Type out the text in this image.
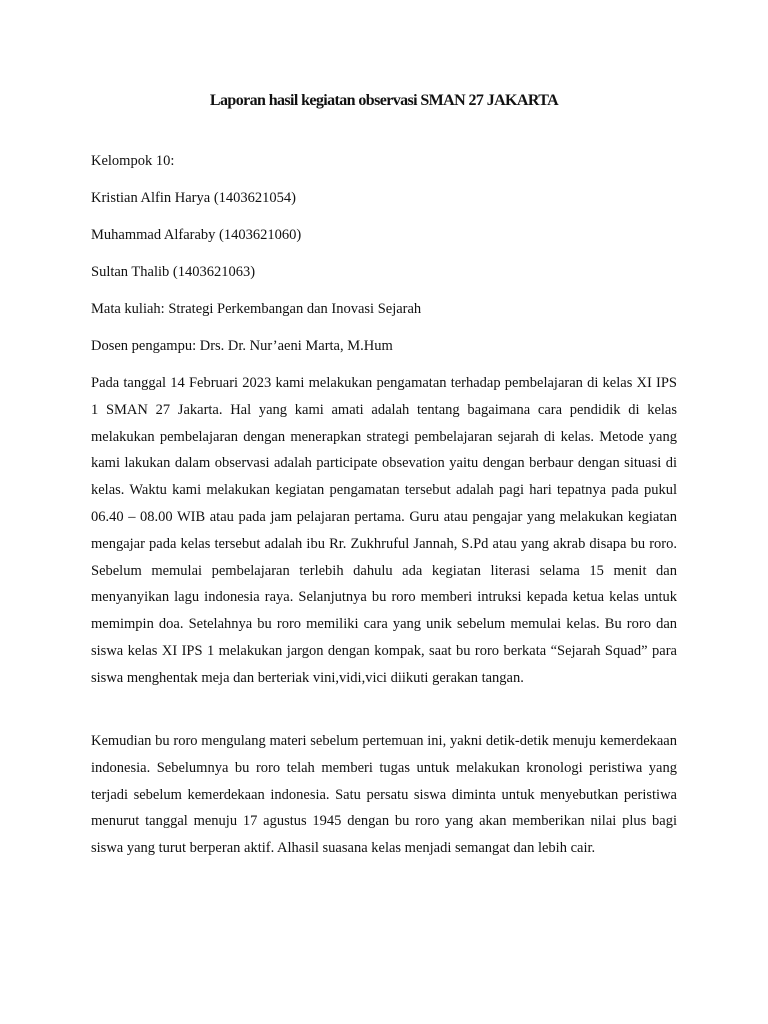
Laporan hasil kegiatan observasi SMAN 27 JAKARTA

Kelompok 10:

Kristian Alfin Harya (1403621054)

Muhammad Alfaraby (1403621060)

Sultan Thalib (1403621063)

Mata kuliah: Strategi Perkembangan dan Inovasi Sejarah

Dosen pengampu: Drs. Dr. Nur’aeni Marta, M.Hum

Pada tanggal 14 Februari 2023 kami melakukan pengamatan terhadap pembelajaran di kelas XI IPS 1 SMAN 27 Jakarta. Hal yang kami amati adalah tentang bagaimana cara pendidik di kelas melakukan pembelajaran dengan menerapkan strategi pembelajaran sejarah di kelas. Metode yang kami lakukan dalam observasi adalah participate obsevation yaitu dengan berbaur dengan situasi di kelas. Waktu kami melakukan kegiatan pengamatan tersebut adalah pagi hari tepatnya pada pukul 06.40 – 08.00 WIB atau pada jam pelajaran pertama. Guru atau pengajar yang melakukan kegiatan mengajar pada kelas tersebut adalah ibu Rr. Zukhruful Jannah, S.Pd atau yang akrab disapa bu roro. Sebelum memulai pembelajaran terlebih dahulu ada kegiatan literasi selama 15 menit dan menyanyikan lagu indonesia raya. Selanjutnya bu roro memberi intruksi kepada ketua kelas untuk memimpin doa. Setelahnya bu roro memiliki cara yang unik sebelum memulai kelas. Bu roro dan siswa kelas XI IPS 1 melakukan jargon dengan kompak, saat bu roro berkata “Sejarah Squad” para siswa menghentak meja dan berteriak vini,vidi,vici diikuti gerakan tangan.

Kemudian bu roro mengulang materi sebelum pertemuan ini, yakni detik-detik menuju kemerdekaan indonesia. Sebelumnya bu roro telah memberi tugas untuk melakukan kronologi peristiwa yang terjadi sebelum kemerdekaan indonesia. Satu persatu siswa diminta untuk menyebutkan peristiwa menurut tanggal menuju 17 agustus 1945 dengan bu roro yang akan memberikan nilai plus bagi siswa yang turut berperan aktif. Alhasil suasana kelas menjadi semangat dan lebih cair.
